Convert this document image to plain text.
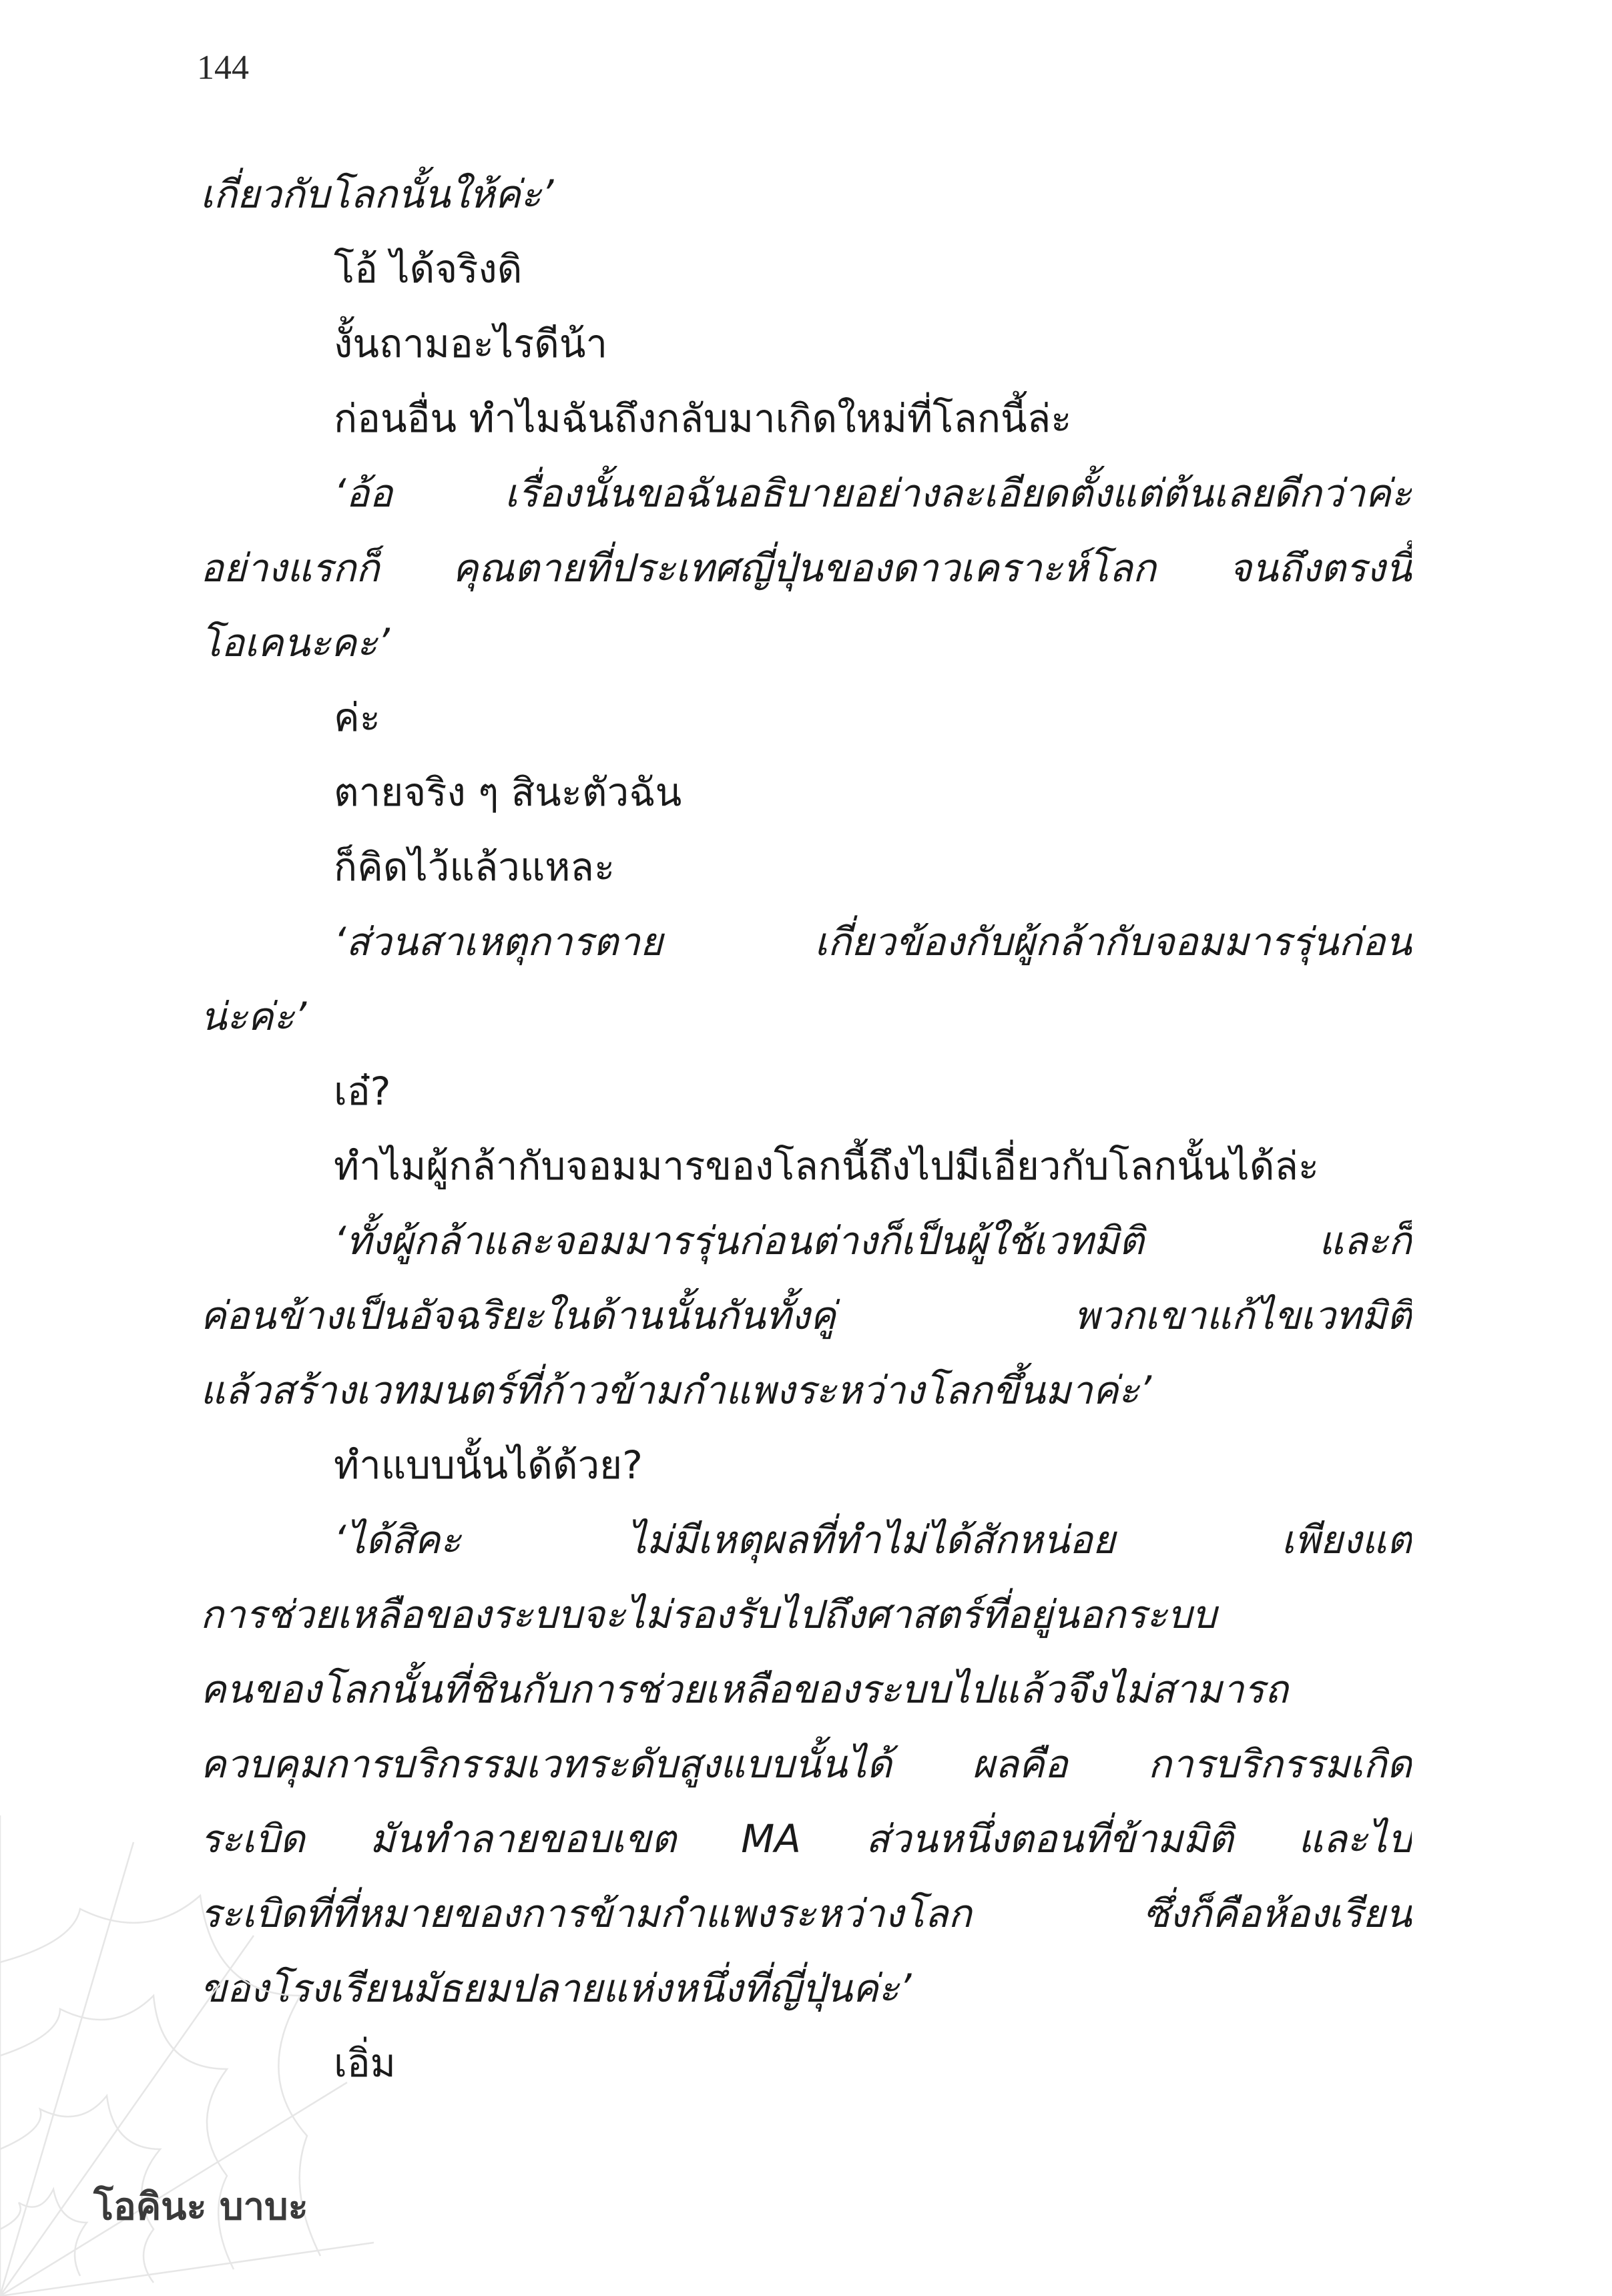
144
เกี่ยวกับโลกนั้นให้ค่ะ’
โอ้ ได้จริงดิ
งั้นถามอะไรดีน้า
ก่อนอื่น ทำไมฉันถึงกลับมาเกิดใหม่ที่โลกนี้ล่ะ
‘อ้อ เรื่องนั้นขอฉันอธิบายอย่างละเอียดตั้งแต่ต้นเลยดีกว่าค่ะ
อย่างแรกก็ คุณตายที่ประเทศญี่ปุ่นของดาวเคราะห์โลก จนถึงตรงนี้
โอเคนะคะ’
ค่ะ
ตายจริง ๆ สินะตัวฉัน
ก็คิดไว้แล้วแหละ
‘ส่วนสาเหตุการตาย เกี่ยวข้องกับผู้กล้ากับจอมมารรุ่นก่อน
น่ะค่ะ’
เอ๋?
ทำไมผู้กล้ากับจอมมารของโลกนี้ถึงไปมีเอี่ยวกับโลกนั้นได้ล่ะ
‘ทั้งผู้กล้าและจอมมารรุ่นก่อนต่างก็เป็นผู้ใช้เวทมิติ และก็
ค่อนข้างเป็นอัจฉริยะในด้านนั้นกันทั้งคู่ พวกเขาแก้ไขเวทมิติ
แล้วสร้างเวทมนตร์ที่ก้าวข้ามกำแพงระหว่างโลกขึ้นมาค่ะ’
ทำแบบนั้นได้ด้วย?
‘ได้สิคะ ไม่มีเหตุผลที่ทำไม่ได้สักหน่อย เพียงแต่
การช่วยเหลือของระบบจะไม่รองรับไปถึงศาสตร์ที่อยู่นอกระบบ
คนของโลกนั้นที่ชินกับการช่วยเหลือของระบบไปแล้วจึงไม่สามารถ
ควบคุมการบริกรรมเวทระดับสูงแบบนั้นได้ ผลคือ การบริกรรมเกิด
ระเบิด มันทำลายขอบเขต MA ส่วนหนึ่งตอนที่ข้ามมิติ และไป
ระเบิดที่ที่หมายของการข้ามกำแพงระหว่างโลก ซึ่งก็คือห้องเรียน
ของโรงเรียนมัธยมปลายแห่งหนึ่งที่ญี่ปุ่นค่ะ’
เอิ่ม
โอคินะ บาบะ
